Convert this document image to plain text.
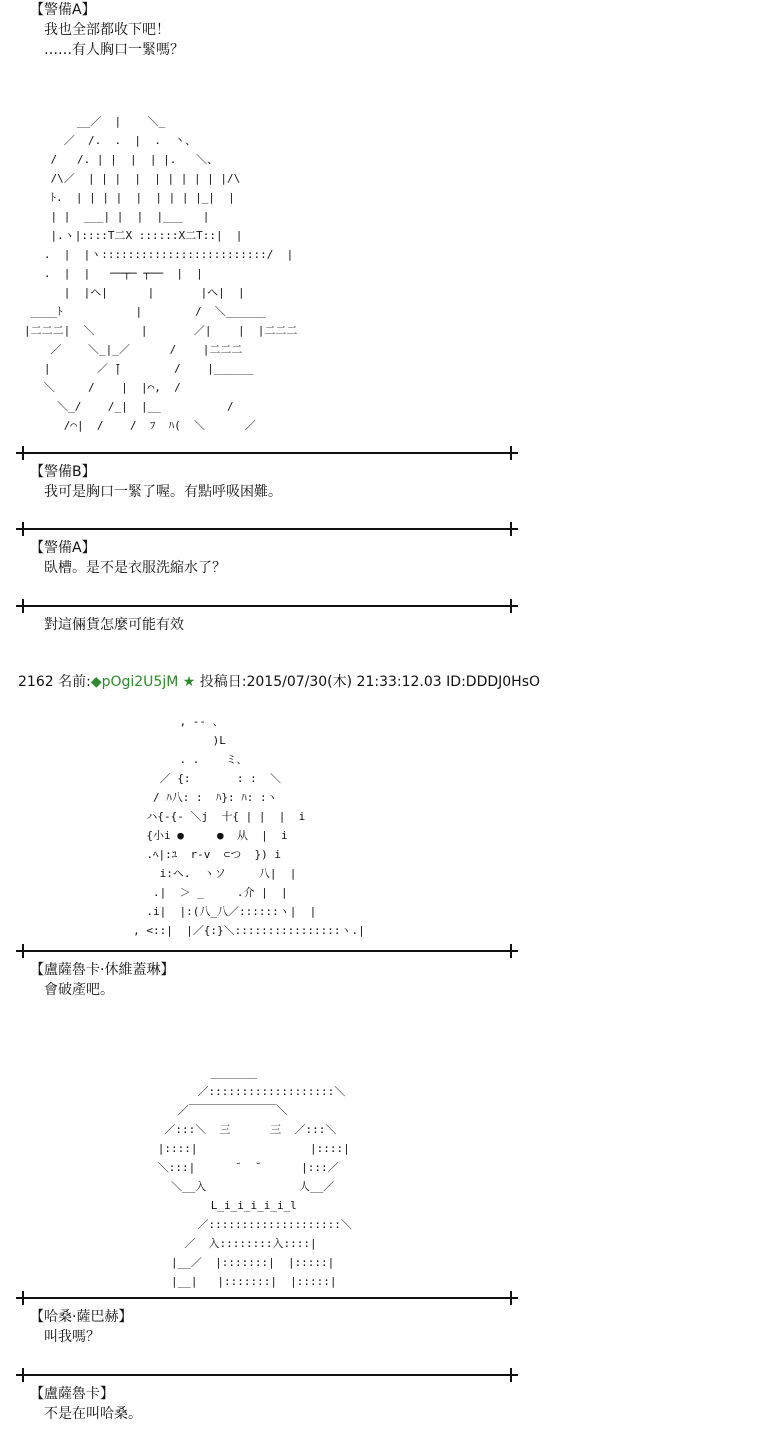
【警備A】
我也全部都收下吧！
……有人胸口一緊嗎？
__／  |    ＼_
／  /.  .  |  .  丶、
/   /. | |  |  | |.   ＼、
/\／  | | |  |  | | | | | |/\
ﾄ.  | | | |  |  | | | |_|  |
| |  ___| |  |  |___   |
|.ヽ|::::T二X ::::::X二T::|  |
.  |  |ヽ:::::::::::::::::::::::::/  |
.  |  |   ──┬─ ┬──  |  |
|  |ヘ|      |       |ヘ|  |
____ﾄ           |        /  ＼______
|二二二|  ＼       |       ／|    |  |二二二
／    ＼_|_／      /    |二二二
|       ／ ̄|        /    |______
＼     /    |  |⌒,  /
＼_/    /_|  |__          /
/⌒|  /    /  ﾌ  ﾊ(  ＼      ／
【警備B】
我可是胸口一緊了喔。有點呼吸困難。
【警備A】
臥槽。是不是衣服洗縮水了？
對這倆貨怎麼可能有效
2162 名前:◆pOgi2U5jM ★ 投稿日:2015/07/30(木) 21:33:12.03 ID:DDDJ0HsO
, -- 、
)L
. .    ミ、
／ {:       : :  ＼
/ ﾊ八: :  ﾊ}: ﾊ: :ヽ
ハ{-{- ＼j  十{ | |  |  i
{小i ●     ●  从  |  i
.ﾍ|:ﾕ  r‐v  ⊂つ  }) i
i:ヘ.  ヽソ     八|  |
.|  ＞ _     .介 |  |
.i|  |:(八_八／::::::ヽ|  |
, <::|  |／{:}＼::::::::::::::::ヽ.|
【盧薩魯卡·休維蓋琳】
會破產吧。
_______
／:::::::::::::::::::＼
／￣￣￣￣￣￣￣￣＼
／:::＼  三      三  ／:::＼
|::::|                 |::::|
＼:::|      ˘  ˘      |:::／
＼__入              人__／
L_i_i_i_i_i_l
／::::::::::::::::::::＼
／  入::::::::入::::|
|__／  |:::::::|  |:::::|
|__|   |:::::::|  |:::::|
【哈桑·薩巴赫】
叫我嗎？
【盧薩魯卡】
不是在叫哈桑。
